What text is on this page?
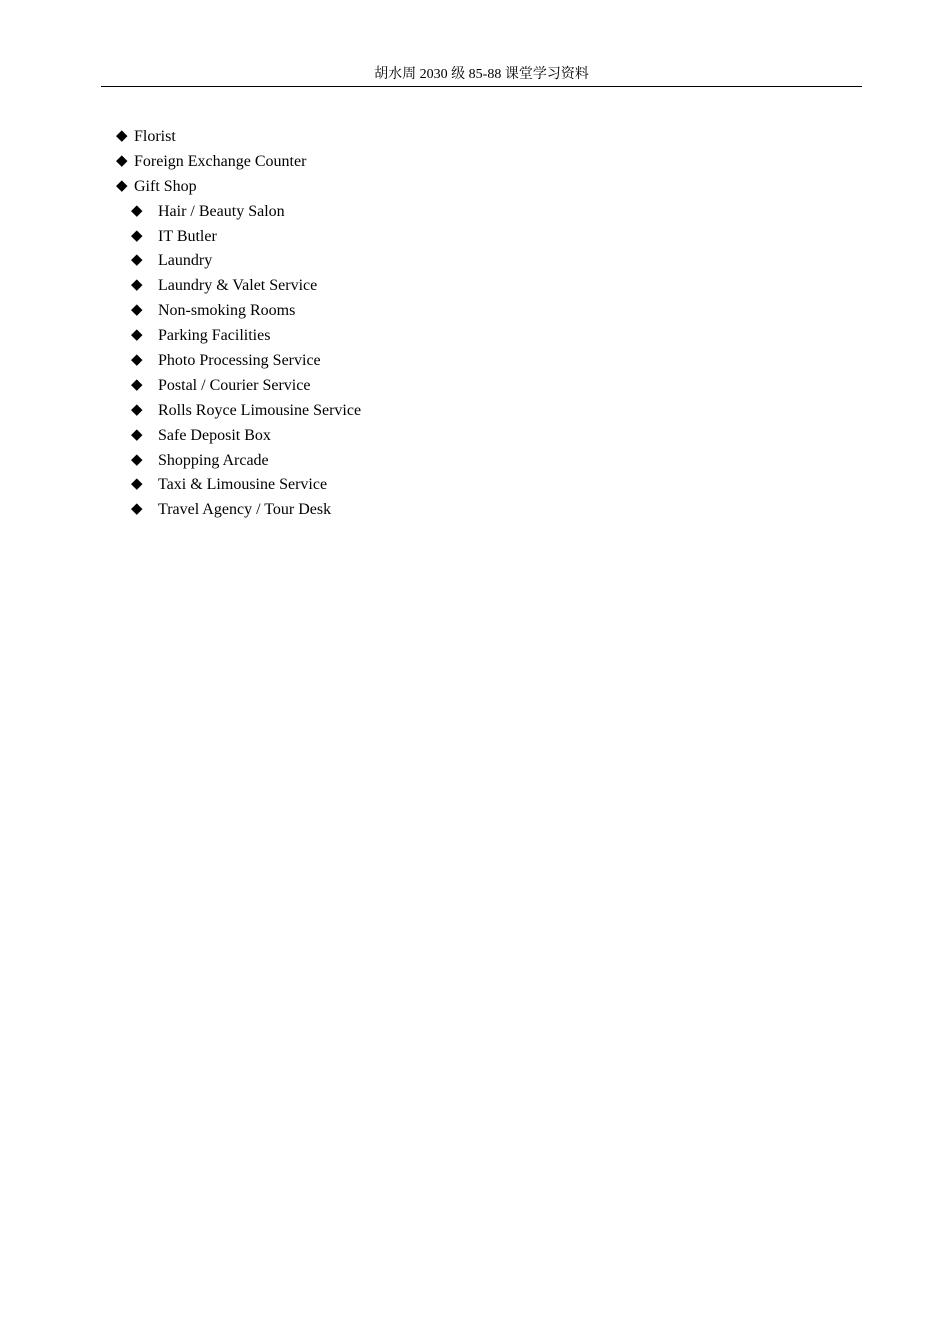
胡水周 2030 级 85-88 课堂学习资料
◆ Florist
◆ Foreign Exchange Counter
◆ Gift Shop
◆ Hair / Beauty Salon
◆ IT Butler
◆ Laundry
◆ Laundry & Valet Service
◆ Non-smoking Rooms
◆ Parking Facilities
◆ Photo Processing Service
◆ Postal / Courier Service
◆ Rolls Royce Limousine Service
◆ Safe Deposit Box
◆ Shopping Arcade
◆ Taxi & Limousine Service
◆ Travel Agency / Tour Desk
